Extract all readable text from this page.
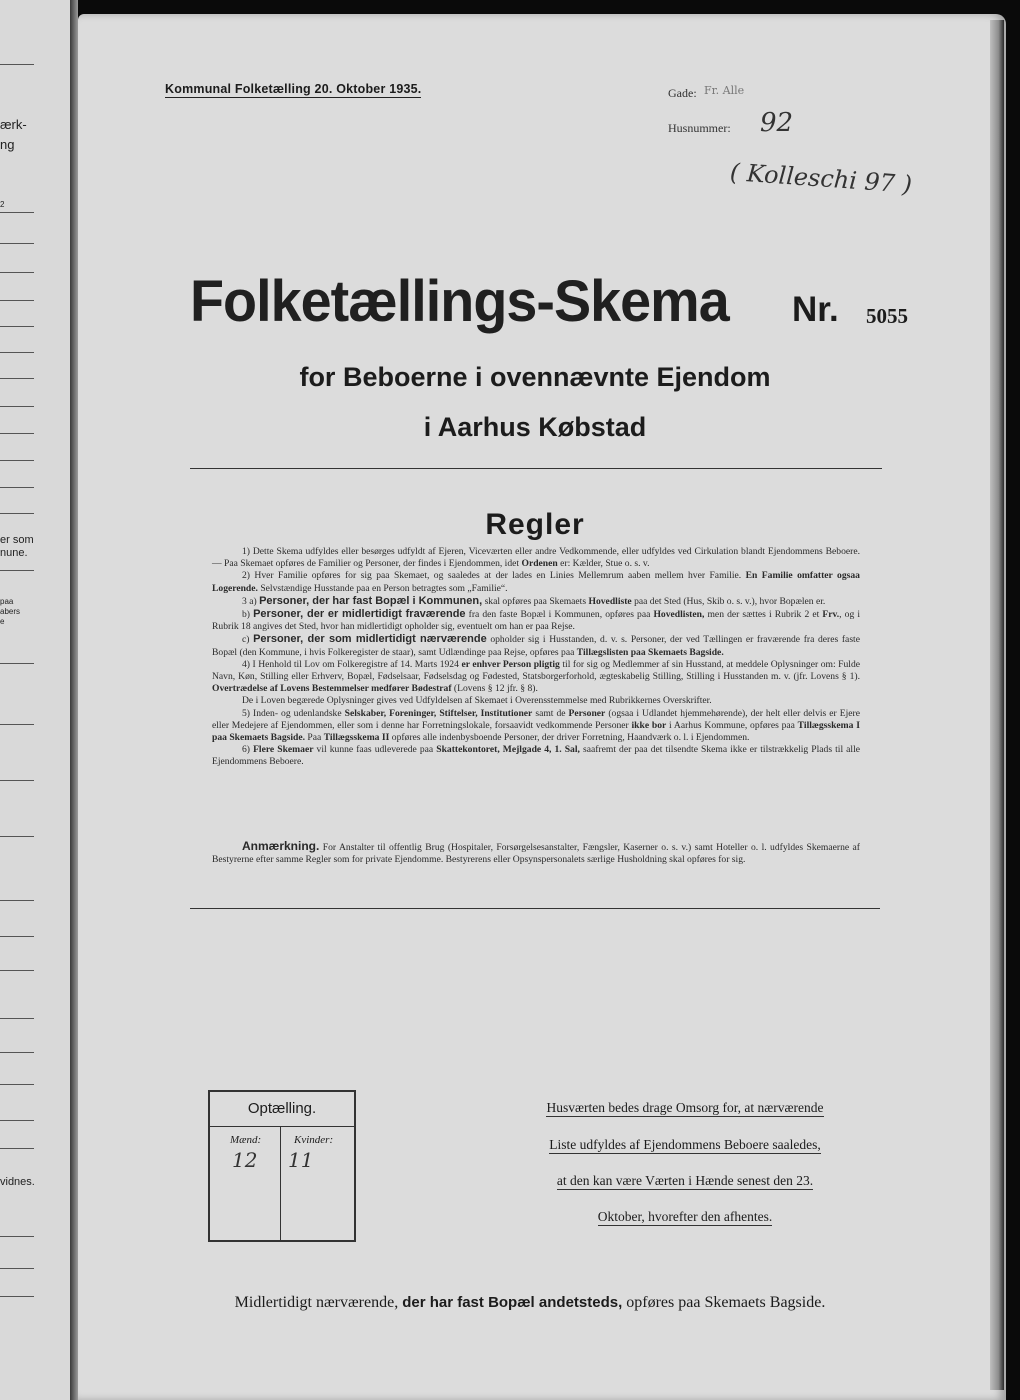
ærk-
ng
2
er som
nune.
paa
abers
e
vidnes.
Kommunal Folketælling 20. Oktober 1935.	Gade: Fr. Alle
Husnummer: 92
( Kolleschi 97 )
Folketællings-Skema Nr. 5055
for Beboerne i ovennævnte Ejendom
i Aarhus Købstad
Regler

1) Dette Skema udfyldes eller besørges udfyldt af Ejeren, Viceværten eller andre Vedkommende, eller udfyldes ved Cirkulation blandt Ejendommens Beboere. — Paa Skemaet opføres de Familier og Personer, der findes i Ejendommen, idet Ordenen er: Kælder, Stue o. s. v.

2) Hver Familie opføres for sig paa Skemaet, og saaledes at der lades en Linies Mellemrum aaben mellem hver Familie. En Familie omfatter ogsaa Logerende. Selvstændige Husstande paa en Person betragtes som „Familie“.

3 a) Personer, der har fast Bopæl i Kommunen, skal opføres paa Skemaets Hovedliste paa det Sted (Hus, Skib o. s. v.), hvor Bopælen er.

b) Personer, der er midlertidigt fraværende fra den faste Bopæl i Kommunen, opføres paa Hovedlisten, men der sættes i Rubrik 2 et Frv., og i Rubrik 18 angives det Sted, hvor han midlertidigt opholder sig, eventuelt om han er paa Rejse.

c) Personer, der som midlertidigt nærværende opholder sig i Husstanden, d. v. s. Personer, der ved Tællingen er fraværende fra deres faste Bopæl (den Kommune, i hvis Folkeregister de staar), samt Udlændinge paa Rejse, opføres paa Tillægslisten paa Skemaets Bagside.

4) I Henhold til Lov om Folkeregistre af 14. Marts 1924 er enhver Person pligtig til for sig og Medlemmer af sin Husstand, at meddele Oplysninger om: Fulde Navn, Køn, Stilling eller Erhverv, Bopæl, Fødselsaar, Fødselsdag og Fødested, Statsborgerforhold, ægteskabelig Stilling, Stilling i Husstanden m. v. (jfr. Lovens § 1). Overtrædelse af Lovens Bestemmelser medfører Bødestraf (Lovens § 12 jfr. § 8).

De i Loven begærede Oplysninger gives ved Udfyldelsen af Skemaet i Overensstemmelse med Rubrikkernes Overskrifter.

5) Inden- og udenlandske Selskaber, Foreninger, Stiftelser, Institutioner samt de Personer (ogsaa i Udlandet hjemmehørende), der helt eller delvis er Ejere eller Medejere af Ejendommen, eller som i denne har Forretningslokale, forsaavidt vedkommende Personer ikke bor i Aarhus Kommune, opføres paa Tillægsskema I paa Skemaets Bagside. Paa Tillægsskema II opføres alle indenbysboende Personer, der driver Forretning, Haandværk o. l. i Ejendommen.

6) Flere Skemaer vil kunne faas udleverede paa Skattekontoret, Mejlgade 4, 1. Sal, saafremt der paa det tilsendte Skema ikke er tilstrækkelig Plads til alle Ejendommens Beboere.

Anmærkning. For Anstalter til offentlig Brug (Hospitaler, Forsørgelsesanstalter, Fængsler, Kaserner o. s. v.) samt Hoteller o. l. udfyldes Skemaerne af Bestyrerne efter samme Regler som for private Ejendomme. Bestyrerens eller Opsynspersonalets særlige Husholdning skal opføres for sig.

Optælling.
Mænd:	Kvinder:
12 11
Husværten bedes drage Omsorg for, at nærværende
Liste udfyldes af Ejendommens Beboere saaledes,
at den kan være Værten i Hænde senest den 23.
Oktober, hvorefter den afhentes.
Midlertidigt nærværende, der har fast Bopæl andetsteds, opføres paa Skemaets Bagside.
